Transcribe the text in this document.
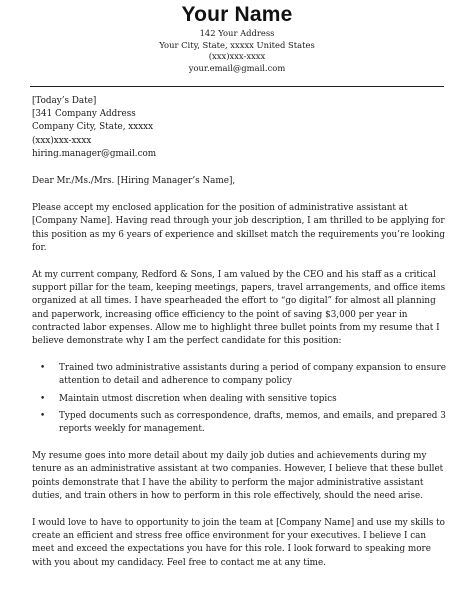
Your Name
142 Your Address
Your City, State, xxxxx United States
(xxx)xxx-xxxx
your.email@gmail.com

[Today’s Date]

[341 Company Address

Company City, State, xxxxx

(xxx)xxx-xxxx

hiring.manager@gmail.com

Dear Mr./Ms./Mrs. [Hiring Manager’s Name],

Please accept my enclosed application for the position of administrative assistant at [Company Name]. Having read through your job description, I am thrilled to be applying for this position as my 6 years of experience and skillset match the requirements you’re looking for.

At my current company, Redford & Sons, I am valued by the CEO and his staff as a critical support pillar for the team, keeping meetings, papers, travel arrangements, and office items organized at all times. I have spearheaded the effort to “go digital” for almost all planning and paperwork, increasing office efficiency to the point of saving $3,000 per year in contracted labor expenses. Allow me to highlight three bullet points from my resume that I believe demonstrate why I am the perfect candidate for this position:

• Trained two administrative assistants during a period of company expansion to ensure attention to detail and adherence to company policy
• Maintain utmost discretion when dealing with sensitive topics
• Typed documents such as correspondence, drafts, memos, and emails, and prepared 3 reports weekly for management.

My resume goes into more detail about my daily job duties and achievements during my tenure as an administrative assistant at two companies. However, I believe that these bullet points demonstrate that I have the ability to perform the major administrative assistant duties, and train others in how to perform in this role effectively, should the need arise.

I would love to have to opportunity to join the team at [Company Name] and use my skills to create an efficient and stress free office environment for your executives. I believe I can meet and exceed the expectations you have for this role. I look forward to speaking more with you about my candidacy. Feel free to contact me at any time.
